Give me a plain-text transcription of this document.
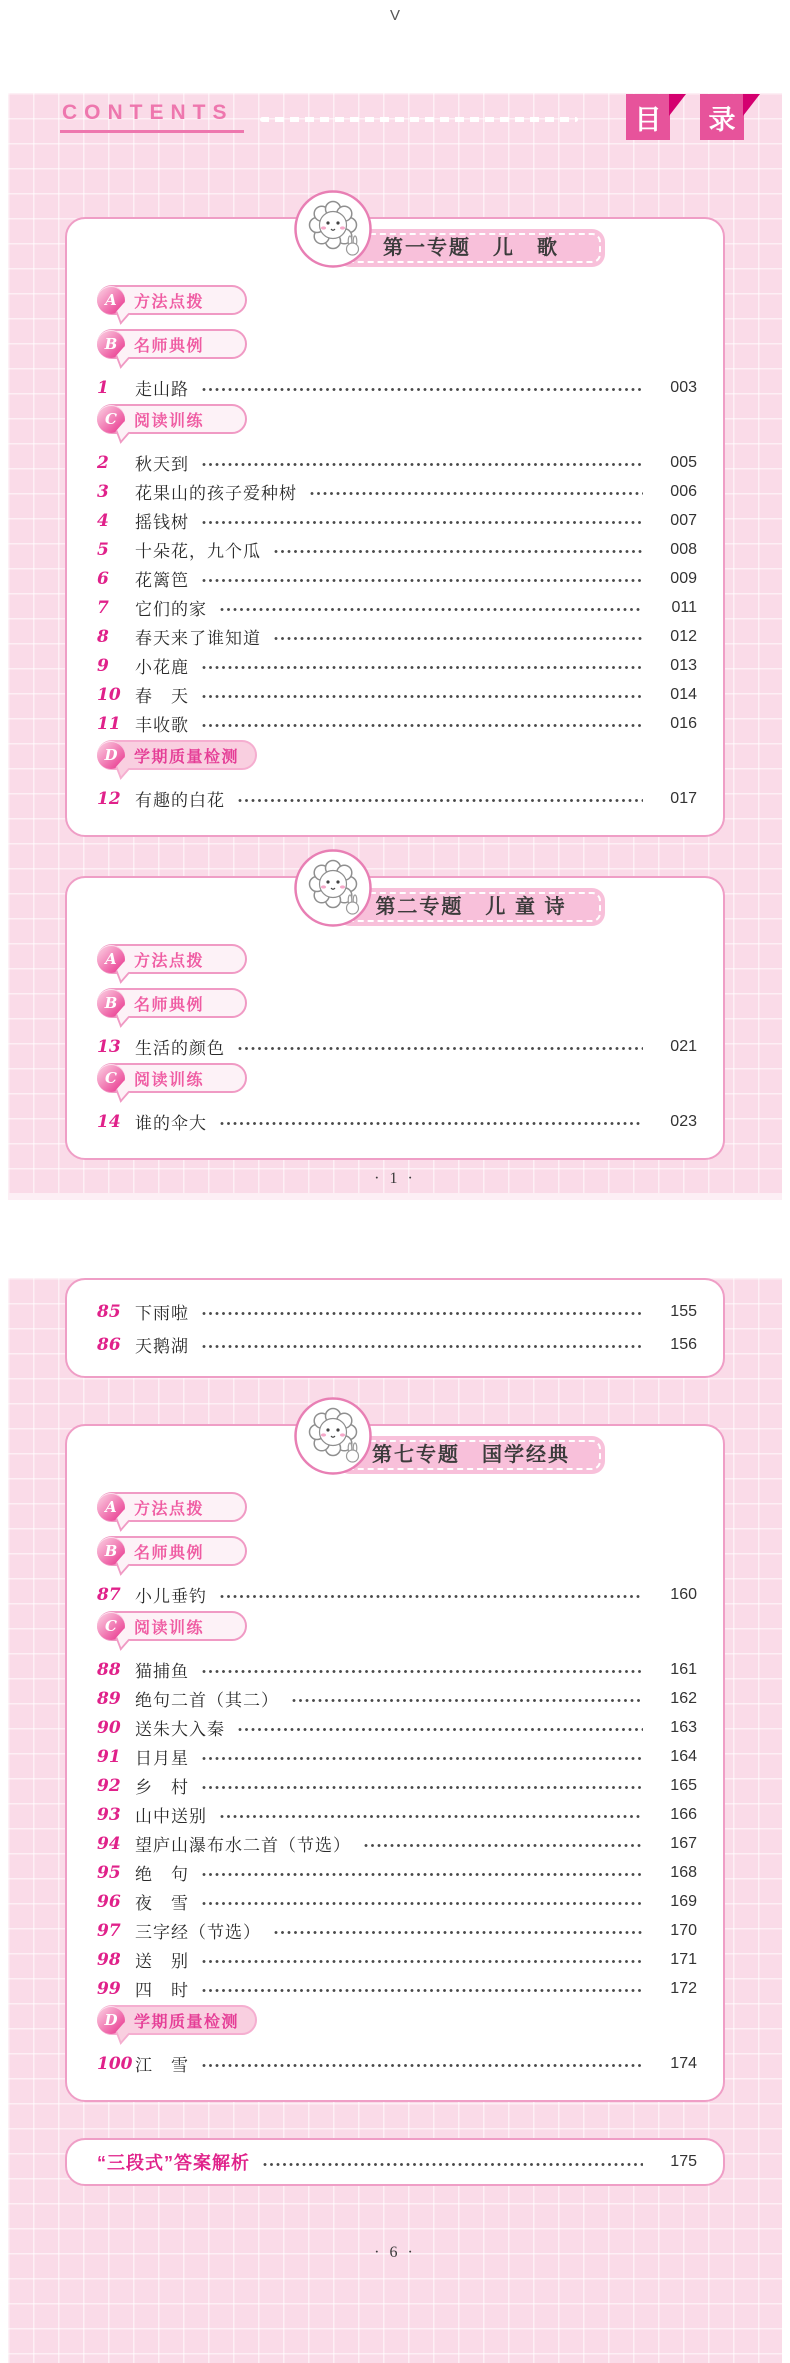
V
CONTENTS	目 录
第一专题　儿　歌
A	方法点拨
B	名师典例
1	走山路	003
C	阅读训练
2	秋天到	005
3	花果山的孩子爱种树	006
4	摇钱树	007
5	十朵花，九个瓜	008
6	花篱笆	009
7	它们的家	011
8	春天来了谁知道	012
9	小花鹿	013
10 春　天	014
11 丰收歌	016
D	学期质量检测
12 有趣的白花	017
第二专题　儿 童 诗
A	方法点拨
B	名师典例
13 生活的颜色	021
C	阅读训练
14 谁的伞大	023
· 1 ·
85 下雨啦	155
86 天鹅湖	156
第七专题　国学经典
A	方法点拨
B	名师典例
87 小儿垂钓	160
C	阅读训练
88 猫捕鱼	161
89 绝句二首（其二）	162
90 送朱大入秦	163
91 日月星	164
92 乡　村	165
93 山中送别	166
94 望庐山瀑布水二首（节选）	167
95 绝　句	168
96 夜　雪	169
97 三字经（节选）	170
98 送　别	171
99 四　时	172
D	学期质量检测
100 江　雪	174
“三段式”答案解析	175
· 6 ·
